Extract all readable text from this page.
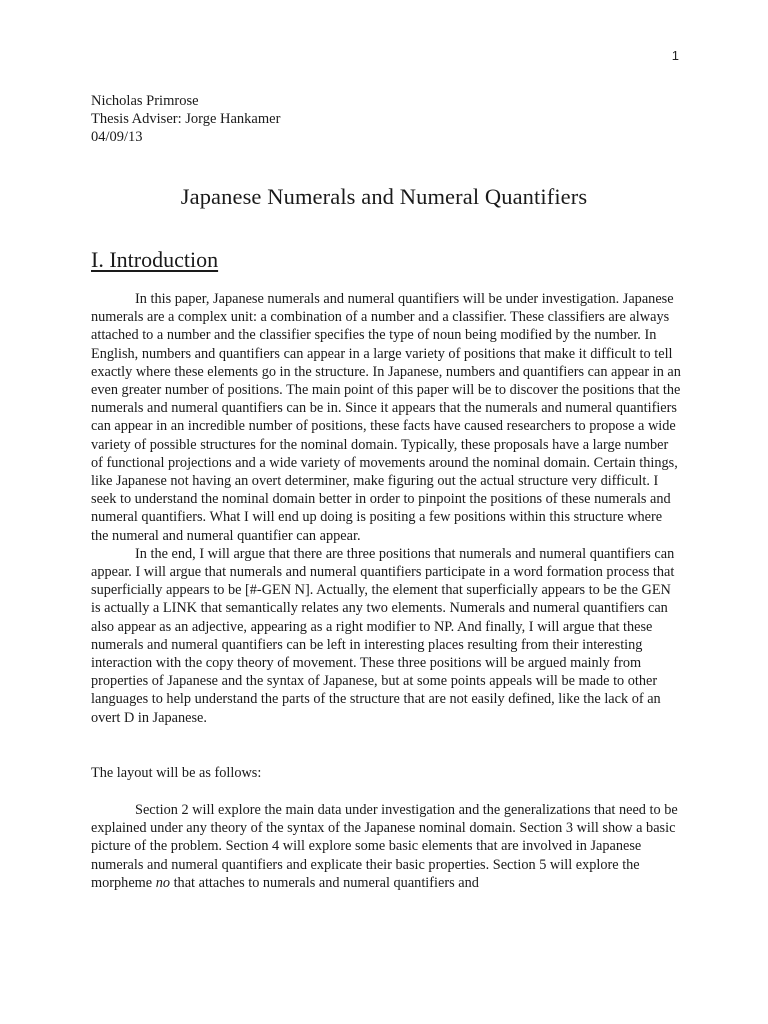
1
Nicholas Primrose
Thesis Adviser: Jorge Hankamer
04/09/13
Japanese Numerals and Numeral Quantifiers
I. Introduction

In this paper, Japanese numerals and numeral quantifiers will be under investigation. Japanese numerals are a complex unit: a combination of a number and a classifier. These classifiers are always attached to a number and the classifier specifies the type of noun being modified by the number. In English, numbers and quantifiers can appear in a large variety of positions that make it difficult to tell exactly where these elements go in the structure. In Japanese, numbers and quantifiers can appear in an even greater number of positions. The main point of this paper will be to discover the positions that the numerals and numeral quantifiers can be in. Since it appears that the numerals and numeral quantifiers can appear in an incredible number of positions, these facts have caused researchers to propose a wide variety of possible structures for the nominal domain. Typically, these proposals have a large number of functional projections and a wide variety of movements around the nominal domain. Certain things, like Japanese not having an overt determiner, make figuring out the actual structure very difficult. I seek to understand the nominal domain better in order to pinpoint the positions of these numerals and numeral quantifiers. What I will end up doing is positing a few positions within this structure where the numeral and numeral quantifier can appear.

In the end, I will argue that there are three positions that numerals and numeral quantifiers can appear. I will argue that numerals and numeral quantifiers participate in a word formation process that superficially appears to be [#-GEN N]. Actually, the element that superficially appears to be the GEN is actually a LINK that semantically relates any two elements. Numerals and numeral quantifiers can also appear as an adjective, appearing as a right modifier to NP. And finally, I will argue that these numerals and numeral quantifiers can be left in interesting places resulting from their interesting interaction with the copy theory of movement. These three positions will be argued mainly from properties of Japanese and the syntax of Japanese, but at some points appeals will be made to other languages to help understand the parts of the structure that are not easily defined, like the lack of an overt D in Japanese.

The layout will be as follows:

Section 2 will explore the main data under investigation and the generalizations that need to be explained under any theory of the syntax of the Japanese nominal domain. Section 3 will show a basic picture of the problem. Section 4 will explore some basic elements that are involved in Japanese numerals and numeral quantifiers and explicate their basic properties. Section 5 will explore the morpheme no that attaches to numerals and numeral quantifiers and
